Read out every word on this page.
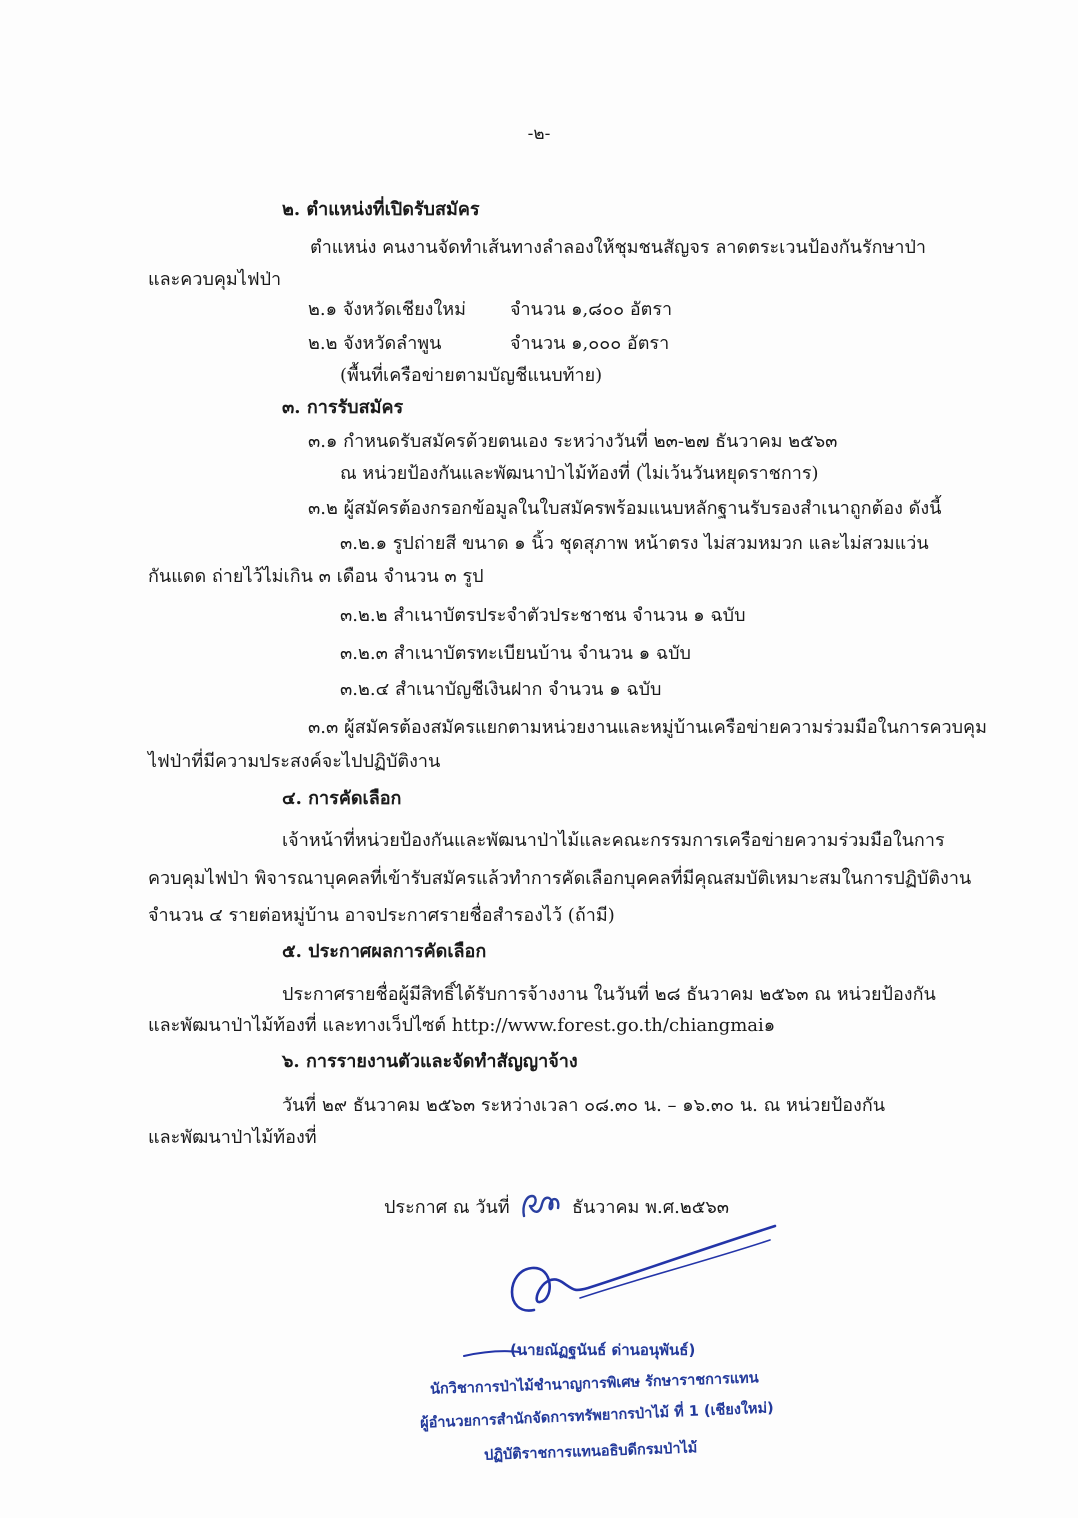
-๒-
๒. ตำแหน่งที่เปิดรับสมัคร
ตำแหน่ง คนงานจัดทำเส้นทางลำลองให้ชุมชนสัญจร ลาดตระเวนป้องกันรักษาป่า
และควบคุมไฟป่า
๒.๑ จังหวัดเชียงใหม่ จำนวน ๑,๘๐๐ อัตรา
๒.๒ จังหวัดลำพูน	จำนวน ๑,๐๐๐ อัตรา
(พื้นที่เครือข่ายตามบัญชีแนบท้าย)
๓. การรับสมัคร
๓.๑ กำหนดรับสมัครด้วยตนเอง ระหว่างวันที่ ๒๓-๒๗ ธันวาคม ๒๕๖๓
ณ หน่วยป้องกันและพัฒนาป่าไม้ท้องที่ (ไม่เว้นวันหยุดราชการ)
๓.๒ ผู้สมัครต้องกรอกข้อมูลในใบสมัครพร้อมแนบหลักฐานรับรองสำเนาถูกต้อง ดังนี้
๓.๒.๑ รูปถ่ายสี ขนาด ๑ นิ้ว ชุดสุภาพ หน้าตรง ไม่สวมหมวก และไม่สวมแว่น
กันแดด ถ่ายไว้ไม่เกิน ๓ เดือน จำนวน ๓ รูป
๓.๒.๒ สำเนาบัตรประจำตัวประชาชน จำนวน ๑ ฉบับ
๓.๒.๓ สำเนาบัตรทะเบียนบ้าน จำนวน ๑ ฉบับ
๓.๒.๔ สำเนาบัญชีเงินฝาก จำนวน ๑ ฉบับ
๓.๓ ผู้สมัครต้องสมัครแยกตามหน่วยงานและหมู่บ้านเครือข่ายความร่วมมือในการควบคุม
ไฟป่าที่มีความประสงค์จะไปปฏิบัติงาน
๔. การคัดเลือก
เจ้าหน้าที่หน่วยป้องกันและพัฒนาป่าไม้และคณะกรรมการเครือข่ายความร่วมมือในการ
ควบคุมไฟป่า พิจารณาบุคคลที่เข้ารับสมัครแล้วทำการคัดเลือกบุคคลที่มีคุณสมบัติเหมาะสมในการปฏิบัติงาน
จำนวน ๔ รายต่อหมู่บ้าน อาจประกาศรายชื่อสำรองไว้ (ถ้ามี)
๕. ประกาศผลการคัดเลือก
ประกาศรายชื่อผู้มีสิทธิ์ได้รับการจ้างงาน ในวันที่ ๒๘ ธันวาคม ๒๕๖๓ ณ หน่วยป้องกัน
และพัฒนาป่าไม้ท้องที่ และทางเว็ปไซต์ http://www.forest.go.th/chiangmai๑
๖. การรายงานตัวและจัดทำสัญญาจ้าง
วันที่ ๒๙ ธันวาคม ๒๕๖๓ ระหว่างเวลา ๐๘.๓๐ น. – ๑๖.๓๐ น. ณ หน่วยป้องกัน
และพัฒนาป่าไม้ท้องที่
ประกาศ ณ วันที่	ธันวาคม พ.ศ.๒๕๖๓
(นายณัฏฐนันธ์ ด่านอนุพันธ์)
นักวิชาการป่าไม้ชำนาญการพิเศษ รักษาราชการแทน
ผู้อำนวยการสำนักจัดการทรัพยากรป่าไม้ ที่ 1 (เชียงใหม่)
ปฏิบัติราชการแทนอธิบดีกรมป่าไม้
